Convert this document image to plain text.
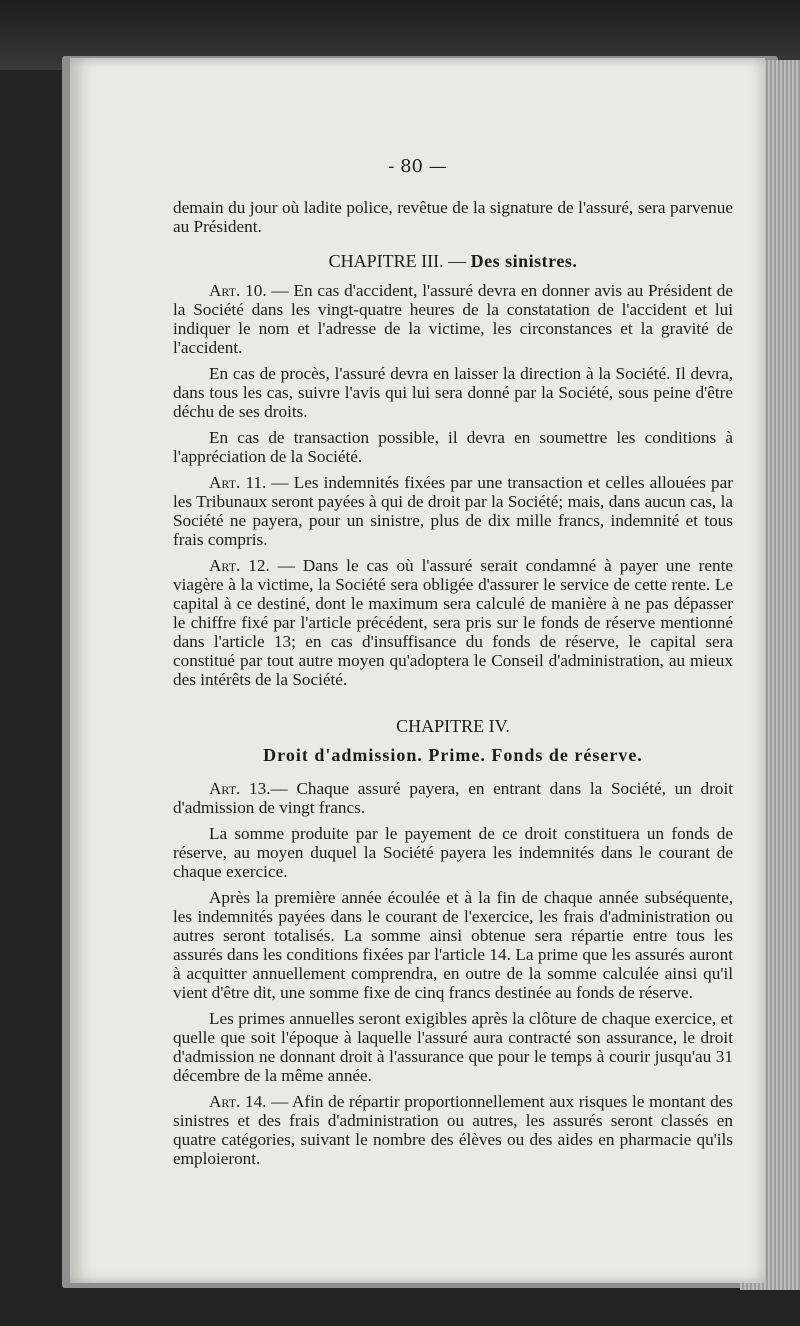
- 80 —

demain du jour où ladite police, revêtue de la signature de l'assuré, sera parvenue au Président.

CHAPITRE III. — Des sinistres.

Art. 10. — En cas d'accident, l'assuré devra en donner avis au Président de la Société dans les vingt-quatre heures de la constatation de l'accident et lui indiquer le nom et l'adresse de la victime, les circonstances et la gravité de l'accident.

En cas de procès, l'assuré devra en laisser la direction à la Société. Il devra, dans tous les cas, suivre l'avis qui lui sera donné par la Société, sous peine d'être déchu de ses droits.

En cas de transaction possible, il devra en soumettre les conditions à l'appréciation de la Société.

Art. 11. — Les indemnités fixées par une transaction et celles allouées par les Tribunaux seront payées à qui de droit par la Société; mais, dans aucun cas, la Société ne payera, pour un sinistre, plus de dix mille francs, indemnité et tous frais compris.

Art. 12. — Dans le cas où l'assuré serait condamné à payer une rente viagère à la victime, la Société sera obligée d'assurer le service de cette rente. Le capital à ce destiné, dont le maximum sera calculé de manière à ne pas dépasser le chiffre fixé par l'article précédent, sera pris sur le fonds de réserve mentionné dans l'article 13; en cas d'insuffisance du fonds de réserve, le capital sera constitué par tout autre moyen qu'adoptera le Conseil d'administration, au mieux des intérêts de la Société.

CHAPITRE IV.
Droit d'admission. Prime. Fonds de réserve.

Art. 13.— Chaque assuré payera, en entrant dans la Société, un droit d'admission de vingt francs.

La somme produite par le payement de ce droit constituera un fonds de réserve, au moyen duquel la Société payera les indemnités dans le courant de chaque exercice.

Après la première année écoulée et à la fin de chaque année subséquente, les indemnités payées dans le courant de l'exercice, les frais d'administration ou autres seront totalisés. La somme ainsi obtenue sera répartie entre tous les assurés dans les conditions fixées par l'article 14. La prime que les assurés auront à acquitter annuellement comprendra, en outre de la somme calculée ainsi qu'il vient d'être dit, une somme fixe de cinq francs destinée au fonds de réserve.

Les primes annuelles seront exigibles après la clôture de chaque exercice, et quelle que soit l'époque à laquelle l'assuré aura contracté son assurance, le droit d'admission ne donnant droit à l'assurance que pour le temps à courir jusqu'au 31 décembre de la même année.

Art. 14. — Afin de répartir proportionnellement aux risques le montant des sinistres et des frais d'administration ou autres, les assurés seront classés en quatre catégories, suivant le nombre des élèves ou des aides en pharmacie qu'ils emploieront.
